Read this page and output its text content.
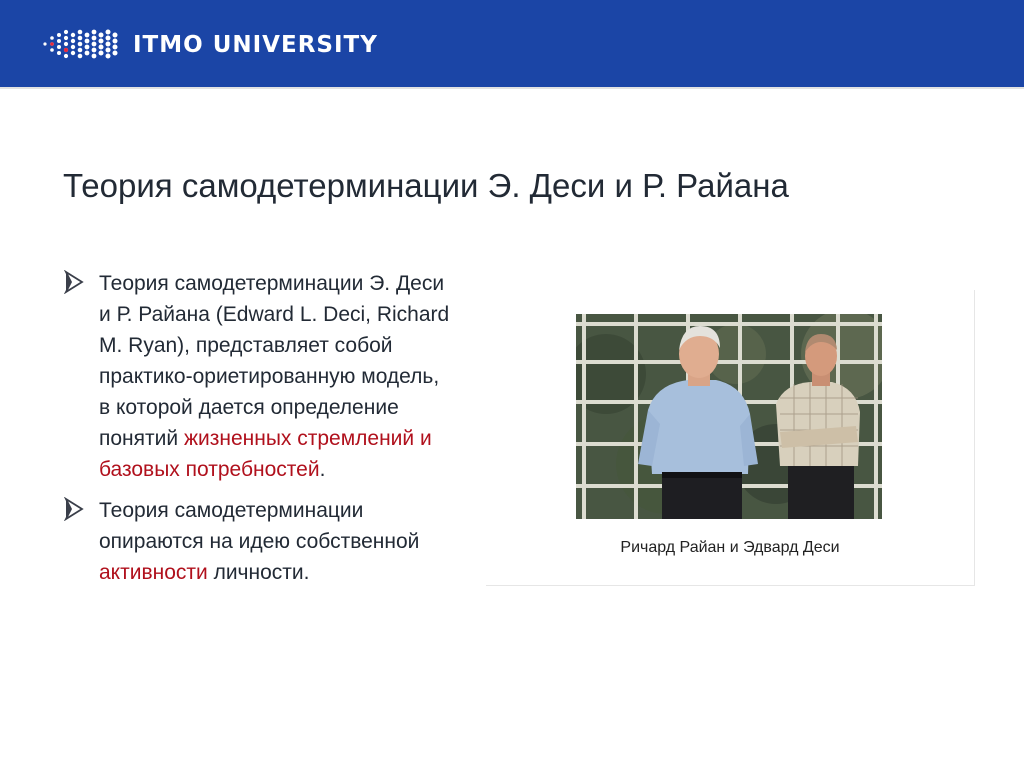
ITMO UNIVERSITY
Теория самодетерминации Э. Деси и Р. Райана
Теория самодетерминации Э. Деси и Р. Райана (Edward L. Deci, Richard M. Ryan), представляет собой практико-ориетированную модель, в которой дается определение понятий жизненных стремлений и базовых потребностей.
Теория самодетерминации опираются на идею собственной активности личности.
Ричард Райан и Эдвард Деси
